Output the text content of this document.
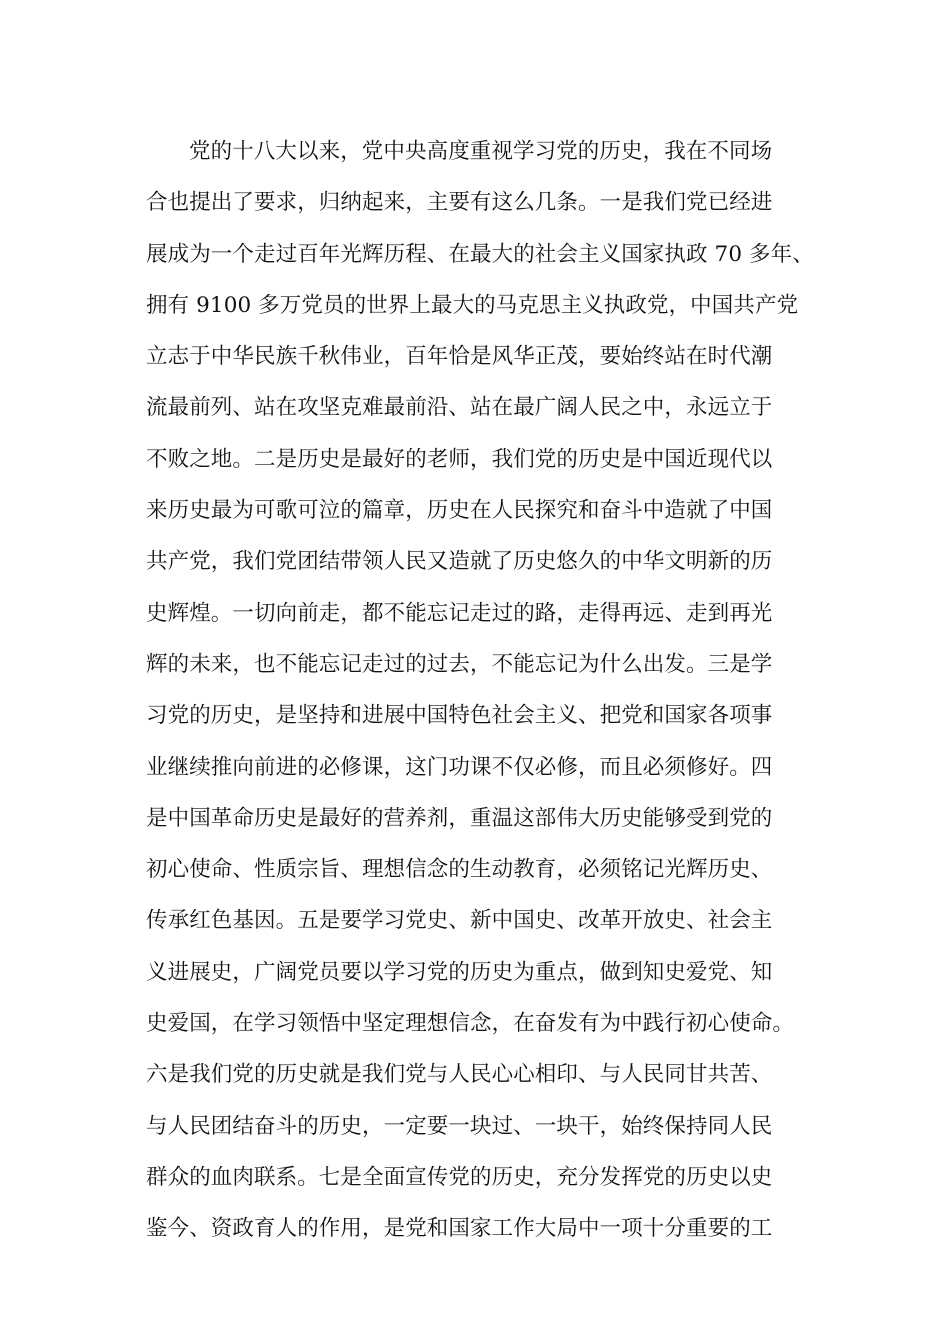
党的十八大以来，党中央高度重视学习党的历史，我在不同场
合也提出了要求，归纳起来，主要有这么几条。一是我们党已经进
展成为一个走过百年光辉历程、在最大的社会主义国家执政 70 多年、
拥有 9100 多万党员的世界上最大的马克思主义执政党，中国共产党
立志于中华民族千秋伟业，百年恰是风华正茂，要始终站在时代潮
流最前列、站在攻坚克难最前沿、站在最广阔人民之中，永远立于
不败之地。二是历史是最好的老师，我们党的历史是中国近现代以
来历史最为可歌可泣的篇章，历史在人民探究和奋斗中造就了中国
共产党，我们党团结带领人民又造就了历史悠久的中华文明新的历
史辉煌。一切向前走，都不能忘记走过的路，走得再远、走到再光
辉的未来，也不能忘记走过的过去，不能忘记为什么出发。三是学
习党的历史，是坚持和进展中国特色社会主义、把党和国家各项事
业继续推向前进的必修课，这门功课不仅必修，而且必须修好。四
是中国革命历史是最好的营养剂，重温这部伟大历史能够受到党的
初心使命、性质宗旨、理想信念的生动教育，必须铭记光辉历史、
传承红色基因。五是要学习党史、新中国史、改革开放史、社会主
义进展史，广阔党员要以学习党的历史为重点，做到知史爱党、知
史爱国，在学习领悟中坚定理想信念，在奋发有为中践行初心使命。
六是我们党的历史就是我们党与人民心心相印、与人民同甘共苦、
与人民团结奋斗的历史，一定要一块过、一块干，始终保持同人民
群众的血肉联系。七是全面宣传党的历史，充分发挥党的历史以史
鉴今、资政育人的作用，是党和国家工作大局中一项十分重要的工
